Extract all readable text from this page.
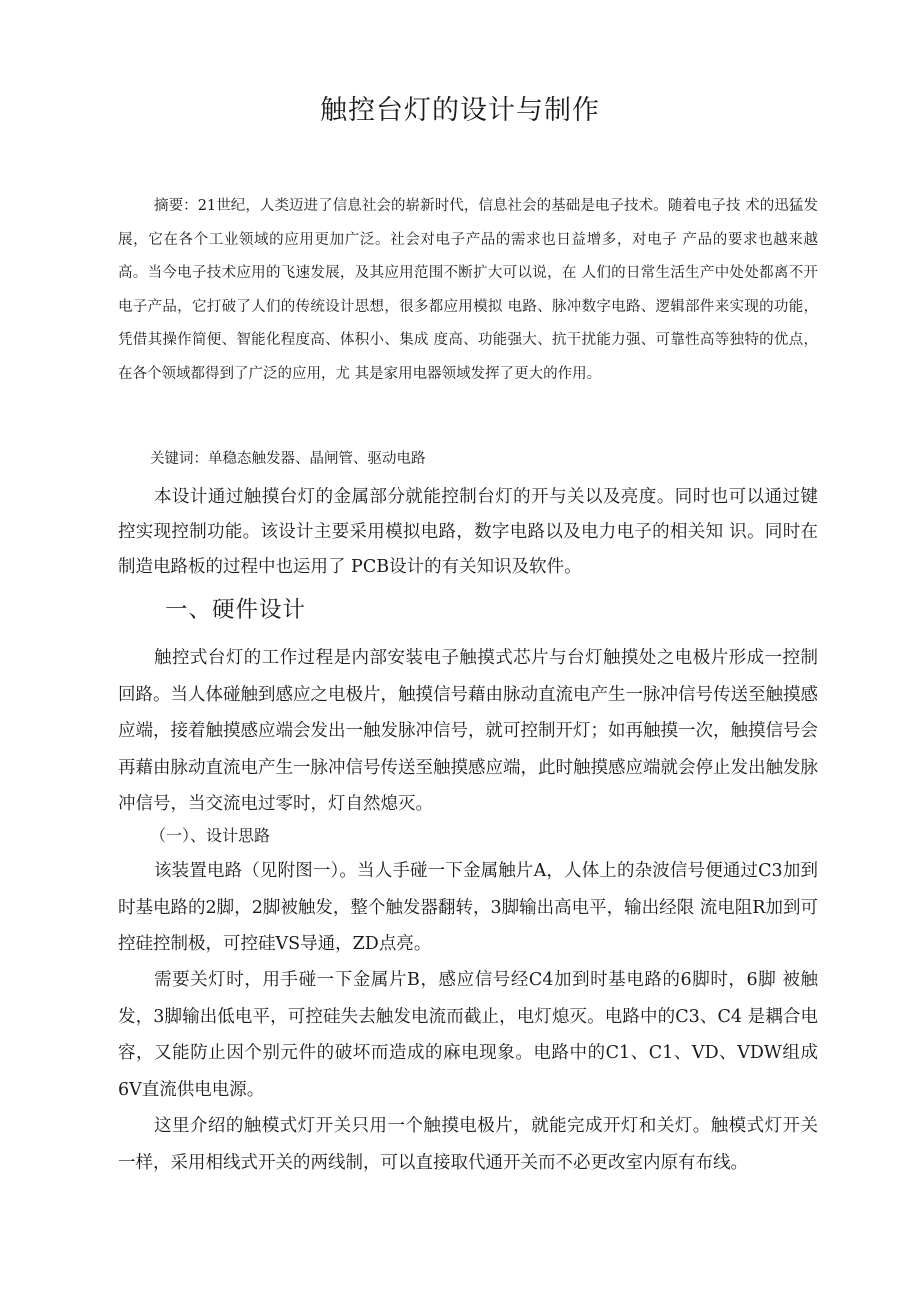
触控台灯的设计与制作

摘要：21世纪，人类迈进了信息社会的崭新时代，信息社会的基础是电子技术。随着电子技 术的迅猛发展，它在各个工业领域的应用更加广泛。社会对电子产品的需求也日益增多，对电子 产品的要求也越来越高。当今电子技术应用的飞速发展，及其应用范围不断扩大可以说，在 人们的日常生活生产中处处都离不开电子产品，它打破了人们的传统设计思想，很多都应用模拟 电路、脉冲数字电路、逻辑部件来实现的功能，凭借其操作简便、智能化程度高、体积小、集成 度高、功能强大、抗干扰能力强、可靠性高等独特的优点，在各个领域都得到了广泛的应用，尤 其是家用电器领域发挥了更大的作用。

关键词：单稳态触发器、晶闸管、驱动电路

本设计通过触摸台灯的金属部分就能控制台灯的开与关以及亮度。同时也可以通过键控实现控制功能。该设计主要采用模拟电路，数字电路以及电力电子的相关知 识。同时在制造电路板的过程中也运用了 PCB设计的有关知识及软件。

一、硬件设计

触控式台灯的工作过程是内部安装电子触摸式芯片与台灯触摸处之电极片形成一控制回路。当人体碰触到感应之电极片，触摸信号藉由脉动直流电产生一脉冲信号传送至触摸感应端，接着触摸感应端会发出一触发脉冲信号，就可控制开灯；如再触摸一次，触摸信号会再藉由脉动直流电产生一脉冲信号传送至触摸感应端，此时触摸感应端就会停止发出触发脉冲信号，当交流电过零时，灯自然熄灭。

（一）、设计思路

该装置电路（见附图一）。当人手碰一下金属触片A，人体上的杂波信号便通过C3加到时基电路的2脚，2脚被触发，整个触发器翻转，3脚输出高电平，输出经限 流电阻R加到可控硅控制极，可控硅VS导通，ZD点亮。

需要关灯时，用手碰一下金属片B，感应信号经C4加到时基电路的6脚时，6脚 被触发，3脚输出低电平，可控硅失去触发电流而截止，电灯熄灭。电路中的C3、C4 是耦合电容，又能防止因个别元件的破坏而造成的麻电现象。电路中的C1、C1、VD、VDW组成6V直流供电电源。

这里介绍的触模式灯开关只用一个触摸电极片，就能完成开灯和关灯。触模式灯开关一样，采用相线式开关的两线制，可以直接取代通开关而不必更改室内原有布线。
